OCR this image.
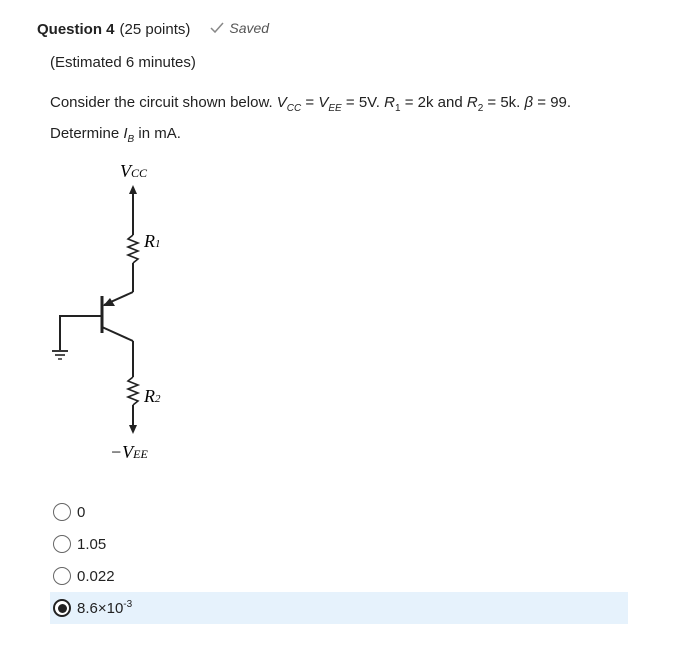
Question 4 (25 points)	Saved
(Estimated 6 minutes)
Consider the circuit shown below. $V_{CC} = V_{EE} = 5V$. $R_1 = 2k$ and $R_2 = 5k$. β = 99.
Determine $I_B$ in mA.
VCC
R1
R2
−VEE
0
1.05
0.022
$8.6\times 10^{-3}$
